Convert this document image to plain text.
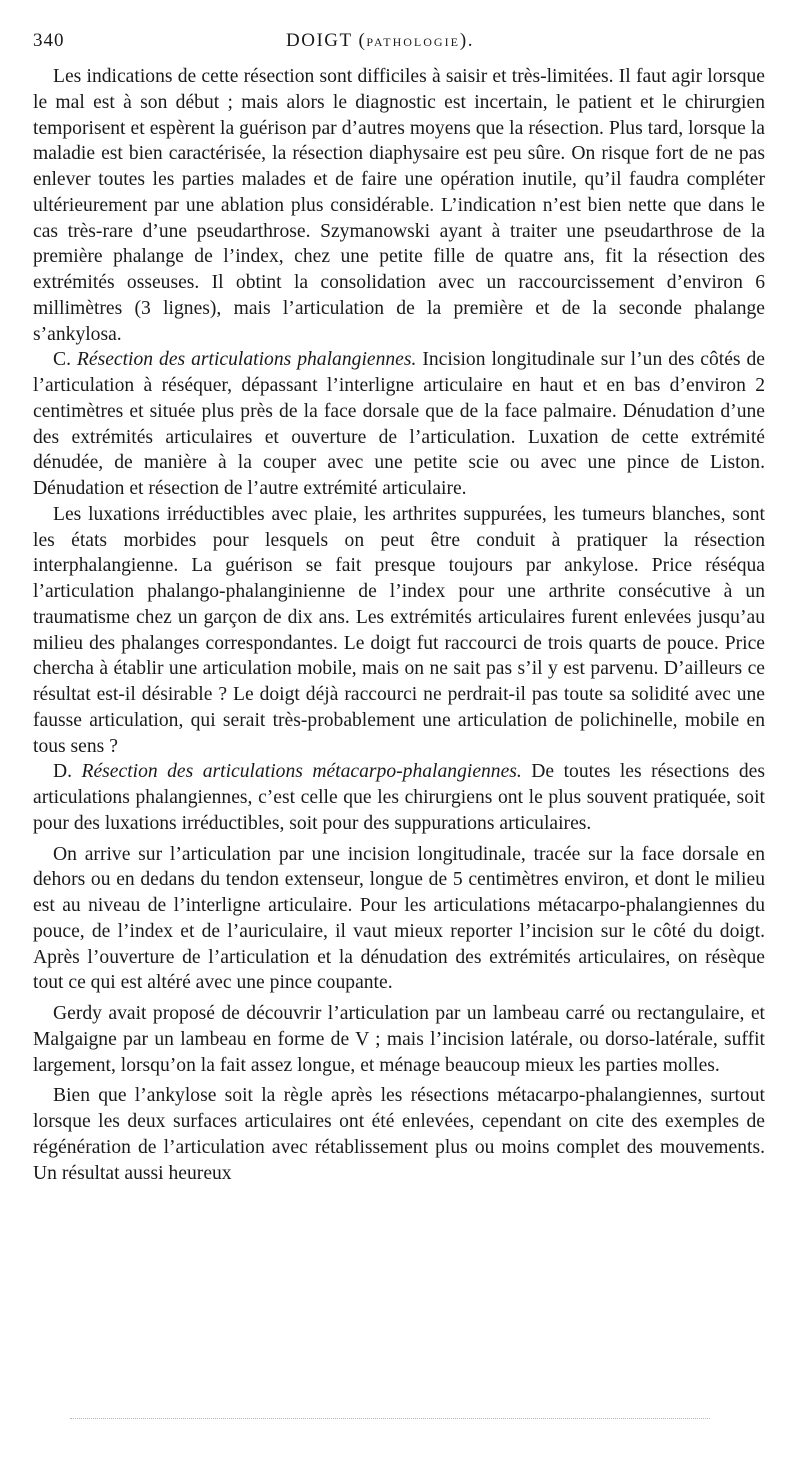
340	DOIGT (PATHOLOGIE).

Les indications de cette résection sont difficiles à saisir et très-limitées. Il faut agir lorsque le mal est à son début ; mais alors le diagnostic est incertain, le patient et le chirurgien temporisent et espèrent la guérison par d’autres moyens que la résection. Plus tard, lorsque la maladie est bien caractérisée, la résection diaphysaire est peu sûre. On risque fort de ne pas enlever toutes les parties malades et de faire une opération inutile, qu’il faudra compléter ultérieurement par une ablation plus considérable. L’indication n’est bien nette que dans le cas très-rare d’une pseudarthrose. Szymanowski ayant à traiter une pseudarthrose de la première phalange de l’index, chez une petite fille de quatre ans, fit la résection des extrémités osseuses. Il obtint la consolidation avec un raccourcissement d’environ 6 millimètres (3 lignes), mais l’articulation de la première et de la seconde phalange s’ankylosa.

C. Résection des articulations phalangiennes. Incision longitudinale sur l’un des côtés de l’articulation à réséquer, dépassant l’interligne articulaire en haut et en bas d’environ 2 centimètres et située plus près de la face dorsale que de la face palmaire. Dénudation d’une des extrémités articulaires et ouverture de l’articulation. Luxation de cette extrémité dénudée, de manière à la couper avec une petite scie ou avec une pince de Liston. Dénudation et résection de l’autre extrémité articulaire.

Les luxations irréductibles avec plaie, les arthrites suppurées, les tumeurs blanches, sont les états morbides pour lesquels on peut être conduit à pratiquer la résection interphalangienne. La guérison se fait presque toujours par ankylose. Price réséqua l’articulation phalango-phalanginienne de l’index pour une arthrite consécutive à un traumatisme chez un garçon de dix ans. Les extrémités articulaires furent enlevées jusqu’au milieu des phalanges correspondantes. Le doigt fut raccourci de trois quarts de pouce. Price chercha à établir une articulation mobile, mais on ne sait pas s’il y est parvenu. D’ailleurs ce résultat est-il désirable ? Le doigt déjà raccourci ne perdrait-il pas toute sa solidité avec une fausse articulation, qui serait très-probablement une articulation de polichinelle, mobile en tous sens ?

D. Résection des articulations métacarpo-phalangiennes. De toutes les résections des articulations phalangiennes, c’est celle que les chirurgiens ont le plus souvent pratiquée, soit pour des luxations irréductibles, soit pour des suppurations articulaires.

On arrive sur l’articulation par une incision longitudinale, tracée sur la face dorsale en dehors ou en dedans du tendon extenseur, longue de 5 centimètres environ, et dont le milieu est au niveau de l’interligne articulaire. Pour les articulations métacarpo-phalangiennes du pouce, de l’index et de l’auriculaire, il vaut mieux reporter l’incision sur le côté du doigt. Après l’ouverture de l’articulation et la dénudation des extrémités articulaires, on résèque tout ce qui est altéré avec une pince coupante.

Gerdy avait proposé de découvrir l’articulation par un lambeau carré ou rectangulaire, et Malgaigne par un lambeau en forme de V ; mais l’incision latérale, ou dorso-latérale, suffit largement, lorsqu’on la fait assez longue, et ménage beaucoup mieux les parties molles.

Bien que l’ankylose soit la règle après les résections métacarpo-phalangiennes, surtout lorsque les deux surfaces articulaires ont été enlevées, cependant on cite des exemples de régénération de l’articulation avec rétablissement plus ou moins complet des mouvements. Un résultat aussi heureux
